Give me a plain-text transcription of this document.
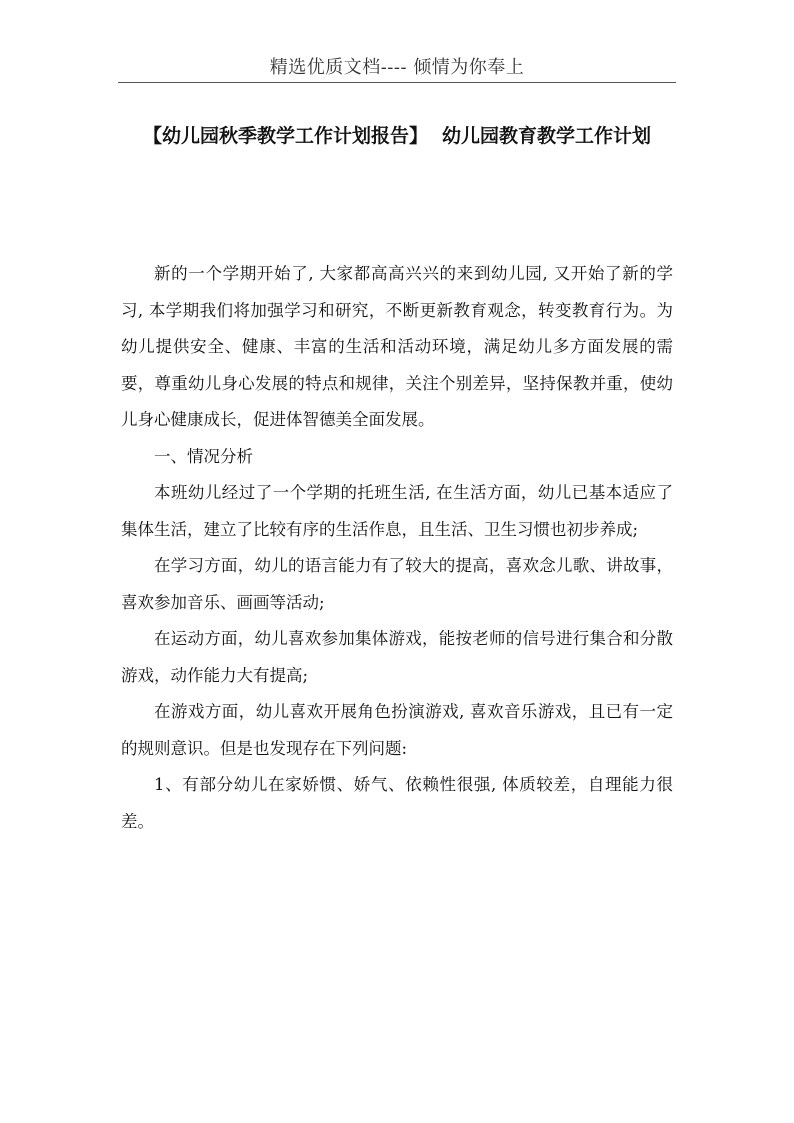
精选优质文档---- 倾情为你奉上
【幼儿园秋季教学工作计划报告】 幼儿园教育教学工作计划

新的一个学期开始了, 大家都高高兴兴的来到幼儿园, 又开始了新的学习, 本学期我们将加强学习和研究，不断更新教育观念，转变教育行为。为幼儿提供安全、健康、丰富的生活和活动环境，满足幼儿多方面发展的需要，尊重幼儿身心发展的特点和规律，关注个别差异，坚持保教并重，使幼儿身心健康成长，促进体智德美全面发展。

一、情况分析

本班幼儿经过了一个学期的托班生活, 在生活方面，幼儿已基本适应了集体生活，建立了比较有序的生活作息，且生活、卫生习惯也初步养成;

在学习方面，幼儿的语言能力有了较大的提高，喜欢念儿歌、讲故事，喜欢参加音乐、画画等活动;

在运动方面，幼儿喜欢参加集体游戏，能按老师的信号进行集合和分散游戏，动作能力大有提高;

在游戏方面，幼儿喜欢开展角色扮演游戏, 喜欢音乐游戏，且已有一定的规则意识。但是也发现存在下列问题:

1、有部分幼儿在家娇惯、娇气、依赖性很强, 体质较差，自理能力很差。
